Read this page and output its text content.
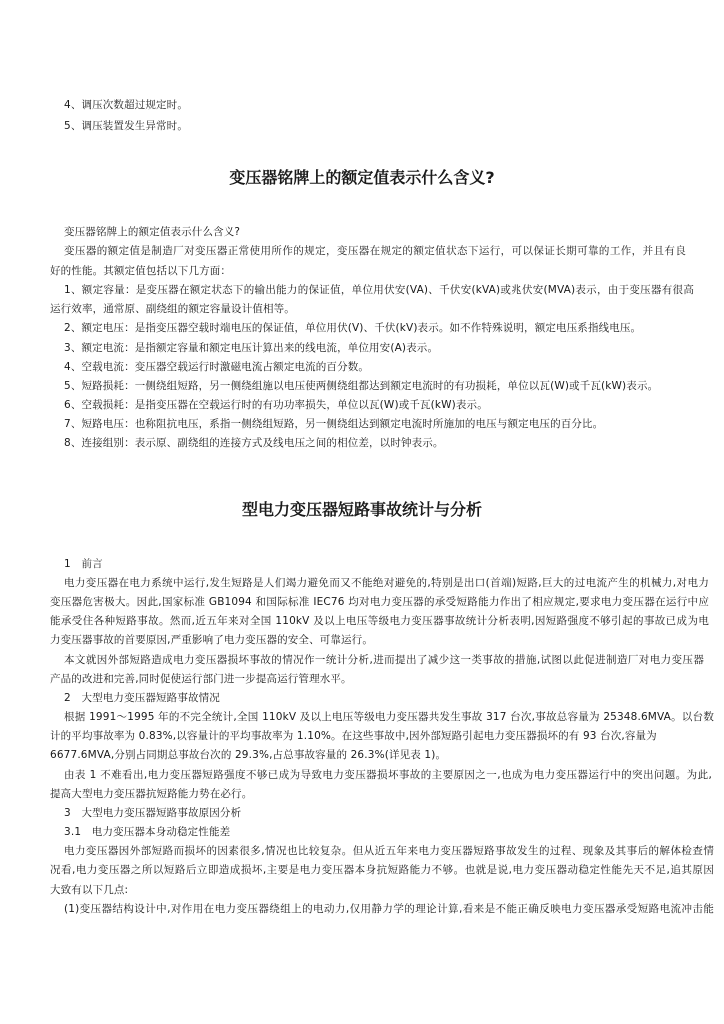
4、调压次数超过规定时。
5、调压装置发生异常时。
变压器铭牌上的额定值表示什么含义?
变压器铭牌上的额定值表示什么含义?
变压器的额定值是制造厂对变压器正常使用所作的规定，变压器在规定的额定值状态下运行，可以保证长期可靠的工作，并且有良
好的性能。其额定值包括以下几方面：
1、额定容量：是变压器在额定状态下的输出能力的保证值，单位用伏安(VA)、千伏安(kVA)或兆伏安(MVA)表示，由于变压器有很高
运行效率，通常原、副绕组的额定容量设计值相等。
2、额定电压：是指变压器空载时端电压的保证值，单位用伏(V)、千伏(kV)表示。如不作特殊说明，额定电压系指线电压。
3、额定电流：是指额定容量和额定电压计算出来的线电流，单位用安(A)表示。
4、空载电流：变压器空载运行时激磁电流占额定电流的百分数。
5、短路损耗：一侧绕组短路，另一侧绕组施以电压使两侧绕组都达到额定电流时的有功损耗，单位以瓦(W)或千瓦(kW)表示。
6、空载损耗：是指变压器在空载运行时的有功功率损失，单位以瓦(W)或千瓦(kW)表示。
7、短路电压：也称阻抗电压，系指一侧绕组短路，另一侧绕组达到额定电流时所施加的电压与额定电压的百分比。
8、连接组别：表示原、副绕组的连接方式及线电压之间的相位差，以时钟表示。
型电力变压器短路事故统计与分析
1　前言
电力变压器在电力系统中运行,发生短路是人们竭力避免而又不能绝对避免的,特别是出口(首端)短路,巨大的过电流产生的机械力,对电力
变压器危害极大。因此,国家标准 GB1094 和国际标准 IEC76 均对电力变压器的承受短路能力作出了相应规定,要求电力变压器在运行中应
能承受住各种短路事故。然而,近五年来对全国 110kV 及以上电压等级电力变压器事故统计分析表明,因短路强度不够引起的事故已成为电
力变压器事故的首要原因,严重影响了电力变压器的安全、可靠运行。
本文就因外部短路造成电力变压器损坏事故的情况作一统计分析,进而提出了减少这一类事故的措施,试图以此促进制造厂对电力变压器
产品的改进和完善,同时促使运行部门进一步提高运行管理水平。
2　大型电力变压器短路事故情况
根据 1991～1995 年的不完全统计,全国 110kV 及以上电压等级电力变压器共发生事故 317 台次,事故总容量为 25348.6MVA。以台数
计的平均事故率为 0.83%,以容量计的平均事故率为 1.10%。在这些事故中,因外部短路引起电力变压器损坏的有 93 台次,容量为
6677.6MVA,分别占同期总事故台次的 29.3%,占总事故容量的 26.3%(详见表 1)。
由表 1 不难看出,电力变压器短路强度不够已成为导致电力变压器损坏事故的主要原因之一,也成为电力变压器运行中的突出问题。为此,
提高大型电力变压器抗短路能力势在必行。
3　大型电力变压器短路事故原因分析
3.1　电力变压器本身动稳定性能差
电力变压器因外部短路而损坏的因素很多,情况也比较复杂。但从近五年来电力变压器短路事故发生的过程、现象及其事后的解体检查情
况看,电力变压器之所以短路后立即造成损坏,主要是电力变压器本身抗短路能力不够。也就是说,电力变压器动稳定性能先天不足,追其原因
大致有以下几点:
(1)变压器结构设计中,对作用在电力变压器绕组上的电动力,仅用静力学的理论计算,看来是不能正确反映电力变压器承受短路电流冲击能
